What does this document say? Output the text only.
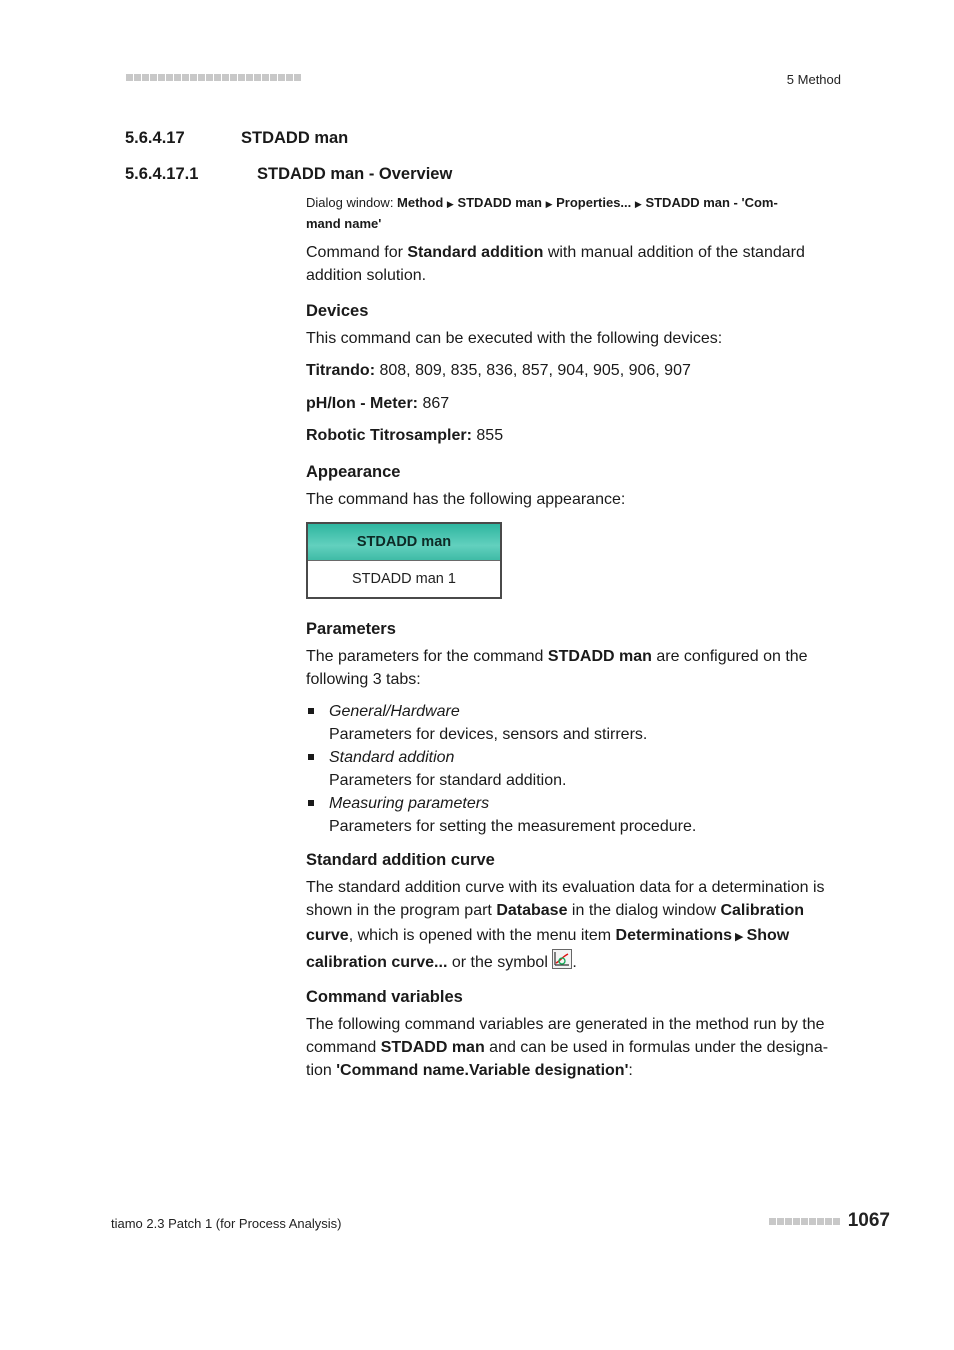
5 Method
5.6.4.17	STDADD man
5.6.4.17.1	STDADD man - Overview
Dialog window: Method ▶ STDADD man ▶ Properties... ▶ STDADD man - 'Com-
mand name'
Command for Standard addition with manual addition of the standard addition solution.
Devices
This command can be executed with the following devices:
Titrando: 808, 809, 835, 836, 857, 904, 905, 906, 907
pH/Ion - Meter: 867
Robotic Titrosampler: 855
Appearance
The command has the following appearance:
STDADD man
STDADD man 1
Parameters
The parameters for the command STDADD man are configured on the following 3 tabs:
General/Hardware
Parameters for devices, sensors and stirrers.
Standard addition
Parameters for standard addition.
Measuring parameters
Parameters for setting the measurement procedure.
Standard addition curve
The standard addition curve with its evaluation data for a determination is shown in the program part Database in the dialog window Calibration curve, which is opened with the menu item Determinations ▶ Show calibration curve... or the symbol
.
Command variables
The following command variables are generated in the method run by the command STDADD man and can be used in formulas under the designa-tion 'Command name.Variable designation':
tiamo 2.3 Patch 1 (for Process Analysis)	1067
